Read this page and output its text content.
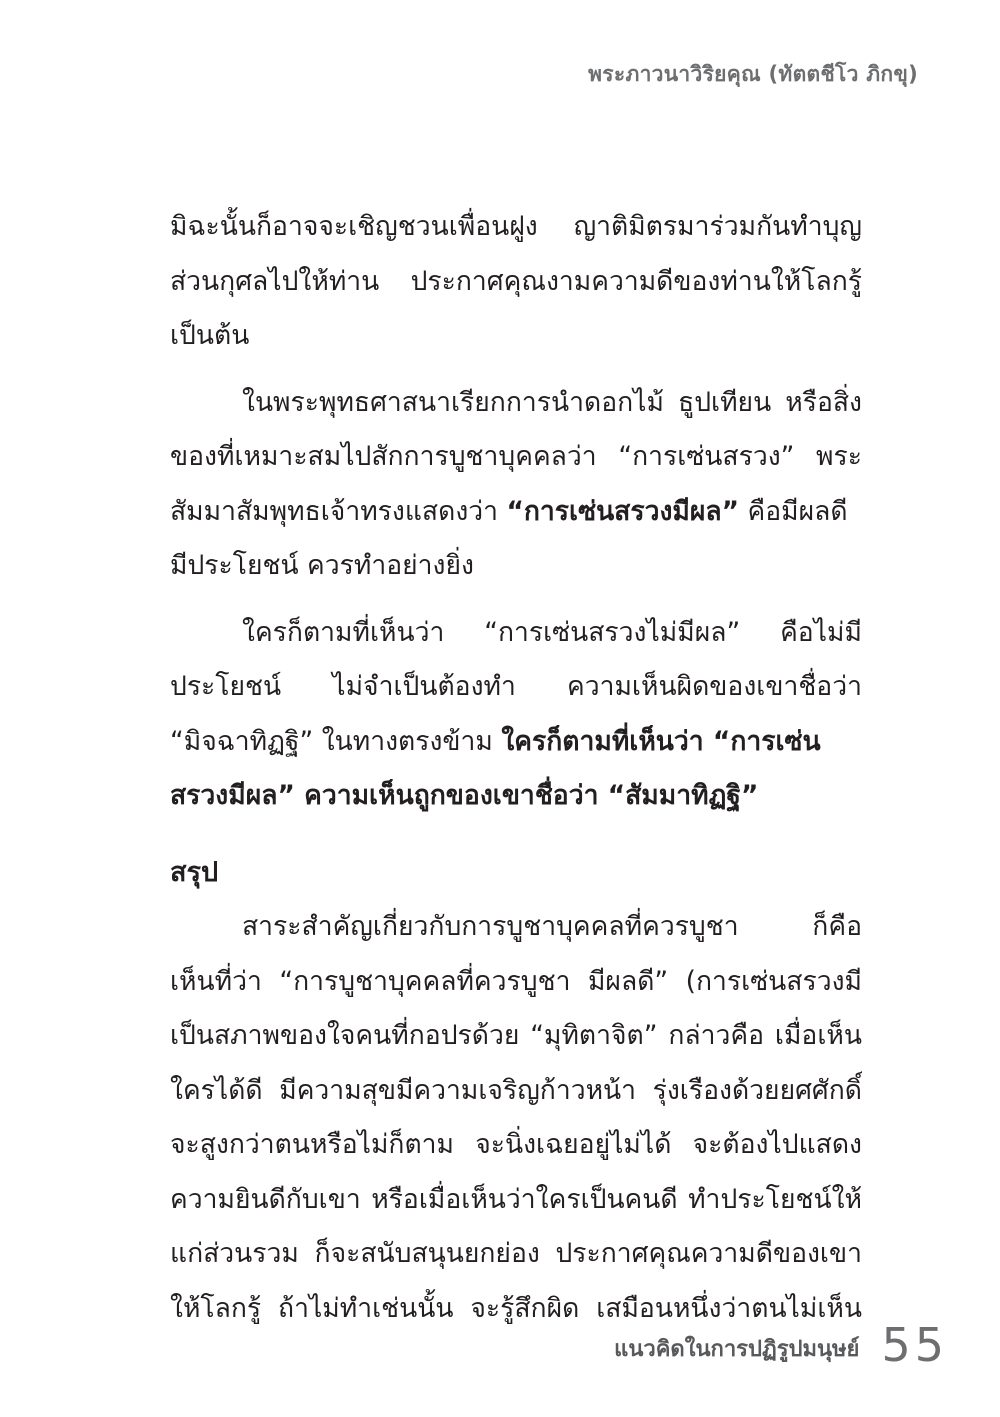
พระภาวนาวิริยคุณ (ทัตตชีโว ภิกขุ)
มิฉะนั้นก็อาจจะเชิญชวนเพื่อนฝูง ญาติมิตรมาร่วมกันทำบุญ
ส่วนกุศลไปให้ท่าน ประกาศคุณงามความดีของท่านให้โลกรู้
เป็นต้น
ในพระพุทธศาสนาเรียกการนำดอกไม้ ธูปเทียน หรือสิ่ง
ของที่เหมาะสมไปสักการบูชาบุคคลว่า “การเซ่นสรวง” พระ
สัมมาสัมพุทธเจ้าทรงแสดงว่า “การเซ่นสรวงมีผล” คือมีผลดี
มีประโยชน์ ควรทำอย่างยิ่ง
ใครก็ตามที่เห็นว่า “การเซ่นสรวงไม่มีผล” คือไม่มี
ประโยชน์ ไม่จำเป็นต้องทำ ความเห็นผิดของเขาชื่อว่า
“มิจฉาทิฏฐิ” ในทางตรงข้าม ใครก็ตามที่เห็นว่า “การเซ่น
สรวงมีผล” ความเห็นถูกของเขาชื่อว่า “สัมมาทิฏฐิ”
สรุป
สาระสำคัญเกี่ยวกับการบูชาบุคคลที่ควรบูชา ก็คือ
เห็นที่ว่า “การบูชาบุคคลที่ควรบูชา มีผลดี” (การเซ่นสรวงมี
เป็นสภาพของใจคนที่กอปรด้วย “มุทิตาจิต” กล่าวคือ เมื่อเห็น
ใครได้ดี มีความสุขมีความเจริญก้าวหน้า รุ่งเรืองด้วยยศศักดิ์
จะสูงกว่าตนหรือไม่ก็ตาม จะนิ่งเฉยอยู่ไม่ได้ จะต้องไปแสดง
ความยินดีกับเขา หรือเมื่อเห็นว่าใครเป็นคนดี ทำประโยชน์ให้
แก่ส่วนรวม ก็จะสนับสนุนยกย่อง ประกาศคุณความดีของเขา
ให้โลกรู้ ถ้าไม่ทำเช่นนั้น จะรู้สึกผิด เสมือนหนึ่งว่าตนไม่เห็น
แนวคิดในการปฏิรูปมนุษย์ 55
